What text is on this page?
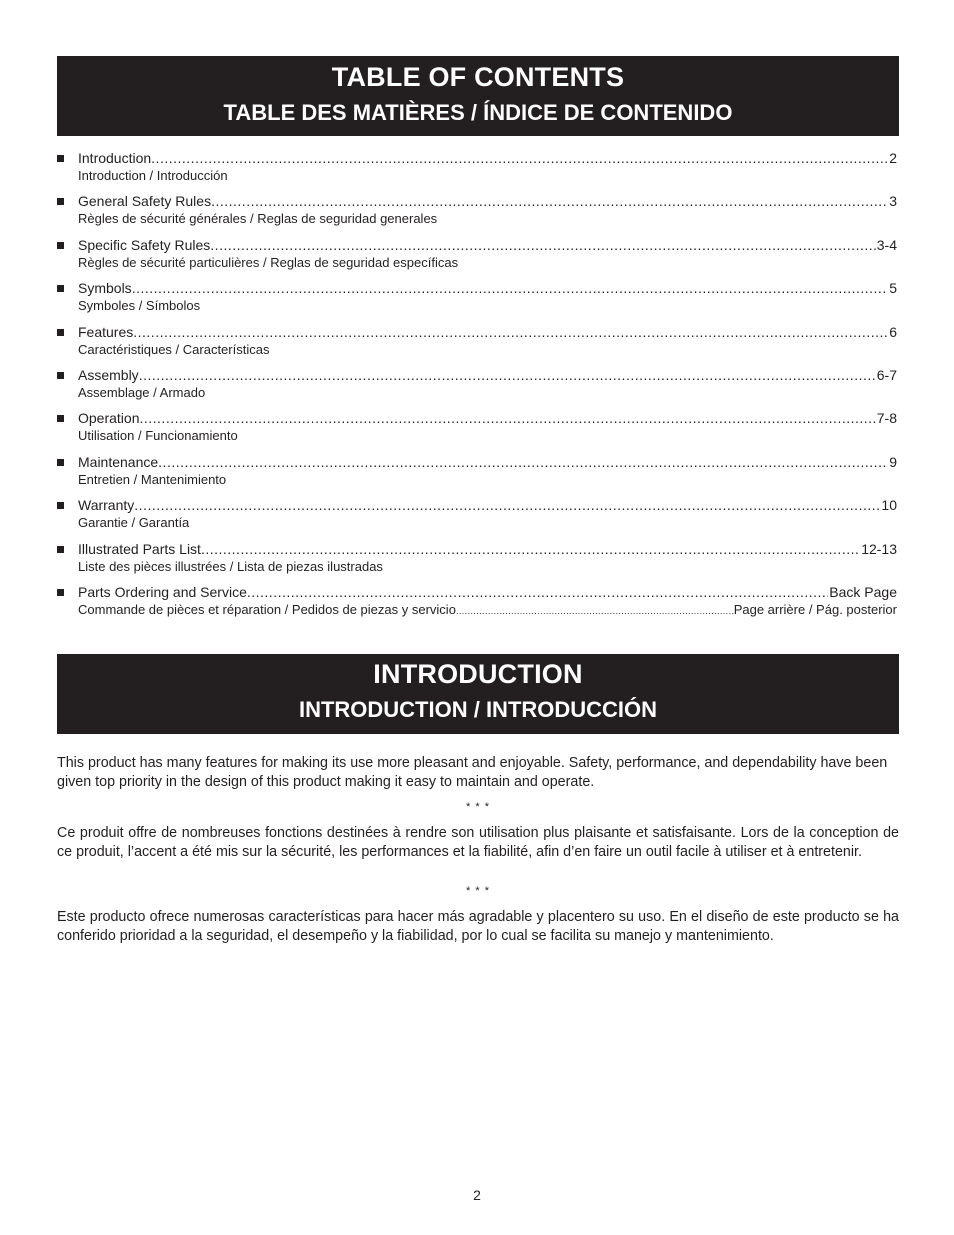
TABLE OF CONTENTS
TABLE DES MATIÈRES / ÍNDICE DE CONTENIDO
Introduction .....	2
Introduction / Introducción
General Safety Rules .....	3
Règles de sécurité générales / Reglas de seguridad generales
Specific Safety Rules .....	3-4
Règles de sécurité particulières / Reglas de seguridad específicas
Symbols .....	5
Symboles / Símbolos
Features .....	6
Caractéristiques / Características
Assembly .....	6-7
Assemblage / Armado
Operation .....	7-8
Utilisation / Funcionamiento
Maintenance .....	9
Entretien / Mantenimiento
Warranty .....	10
Garantie / Garantía
Illustrated Parts List .....	12-13
Liste des pièces illustrées / Lista de piezas ilustradas
Parts Ordering and Service .....	Back Page
Commande de pièces et réparation / Pedidos de piezas y servicio .....	Page arrière / Pág. posterior
INTRODUCTION
INTRODUCTION / INTRODUCCIÓN

This product has many features for making its use more pleasant and enjoyable. Safety, performance, and dependability have been given top priority in the design of this product making it easy to maintain and operate.

* * *

Ce produit offre de nombreuses fonctions destinées à rendre son utilisation plus plaisante et satisfaisante. Lors de la conception de ce produit, l’accent a été mis sur la sécurité, les performances et la fiabilité, afin d’en faire un outil facile à utiliser et à entretenir.

* * *

Este producto ofrece numerosas características para hacer más agradable y placentero su uso. En el diseño de este producto se ha conferido prioridad a la seguridad, el desempeño y la fiabilidad, por lo cual se facilita su manejo y mantenimiento.

2
